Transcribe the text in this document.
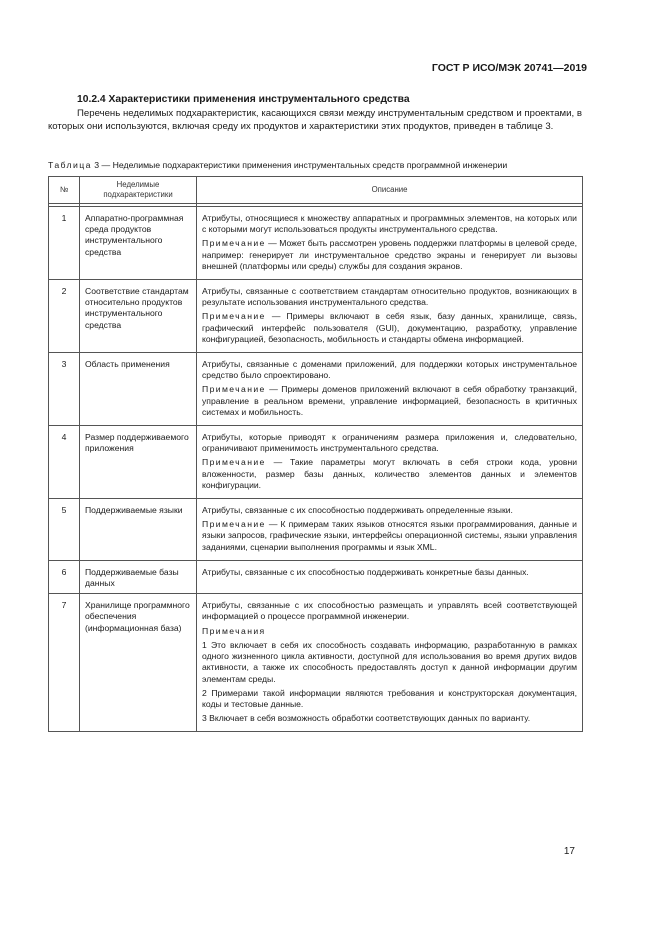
ГОСТ Р ИСО/МЭК 20741—2019

10.2.4 Характеристики применения инструментального средства

Перечень неделимых подхарактеристик, касающихся связи между инструментальным средством и проектами, в которых они используются, включая среду их продуктов и характеристики этих продуктов, приведен в таблице 3.

Таблица 3 — Неделимые подхарактеристики применения инструментальных средств программной инженерии
№	Неделимые подхарактеристики	Описание

1	Аппаратно-программная среда продуктов инструментального средства	Атрибуты, относящиеся к множеству аппаратных и программных элементов, на которых или с которыми могут использоваться продукты инструментального средства.

Примечание — Может быть рассмотрен уровень поддержки платформы в целевой среде, например: генерирует ли инструментальное средство экраны и генерирует ли вызовы внешней (платформы или среды) службы для создания экранов.

2	Соответствие стандартам относительно продуктов инструментального средства	Атрибуты, связанные с соответствием стандартам относительно продуктов, возникающих в результате использования инструментального средства.

Примечание — Примеры включают в себя язык, базу данных, хранилище, связь, графический интерфейс пользователя (GUI), документацию, разработку, управление конфигурацией, безопасность, мобильность и стандарты обмена информацией.

3	Область применения	Атрибуты, связанные с доменами приложений, для поддержки которых инструментальное средство было спроектировано.

Примечание — Примеры доменов приложений включают в себя обработку транзакций, управление в реальном времени, управление информацией, безопасность в критичных системах и мобильность.

4	Размер поддерживаемого приложения	Атрибуты, которые приводят к ограничениям размера приложения и, следовательно, ограничивают применимость инструментального средства.

Примечание — Такие параметры могут включать в себя строки кода, уровни вложенности, размер базы данных, количество элементов данных и элементов конфигурации.

5	Поддерживаемые языки	Атрибуты, связанные с их способностью поддерживать определенные языки.

Примечание — К примерам таких языков относятся языки программирования, данные и языки запросов, графические языки, интерфейсы операционной системы, языки управления заданиями, сценарии выполнения программы и язык XML.

6	Поддерживаемые базы данных	Атрибуты, связанные с их способностью поддерживать конкретные базы данных.

7	Хранилище программного обеспечения (информационная база)	Атрибуты, связанные с их способностью размещать и управлять всей соответствующей информацией о процессе программной инженерии.

Примечания

1 Это включает в себя их способность создавать информацию, разработанную в рамках одного жизненного цикла активности, доступной для использования во время других видов активности, а также их способность предоставлять доступ к данной информации другим элементам среды.

2 Примерами такой информации являются требования и конструкторская документация, коды и тестовые данные.

3 Включает в себя возможность обработки соответствующих данных по варианту.

17
